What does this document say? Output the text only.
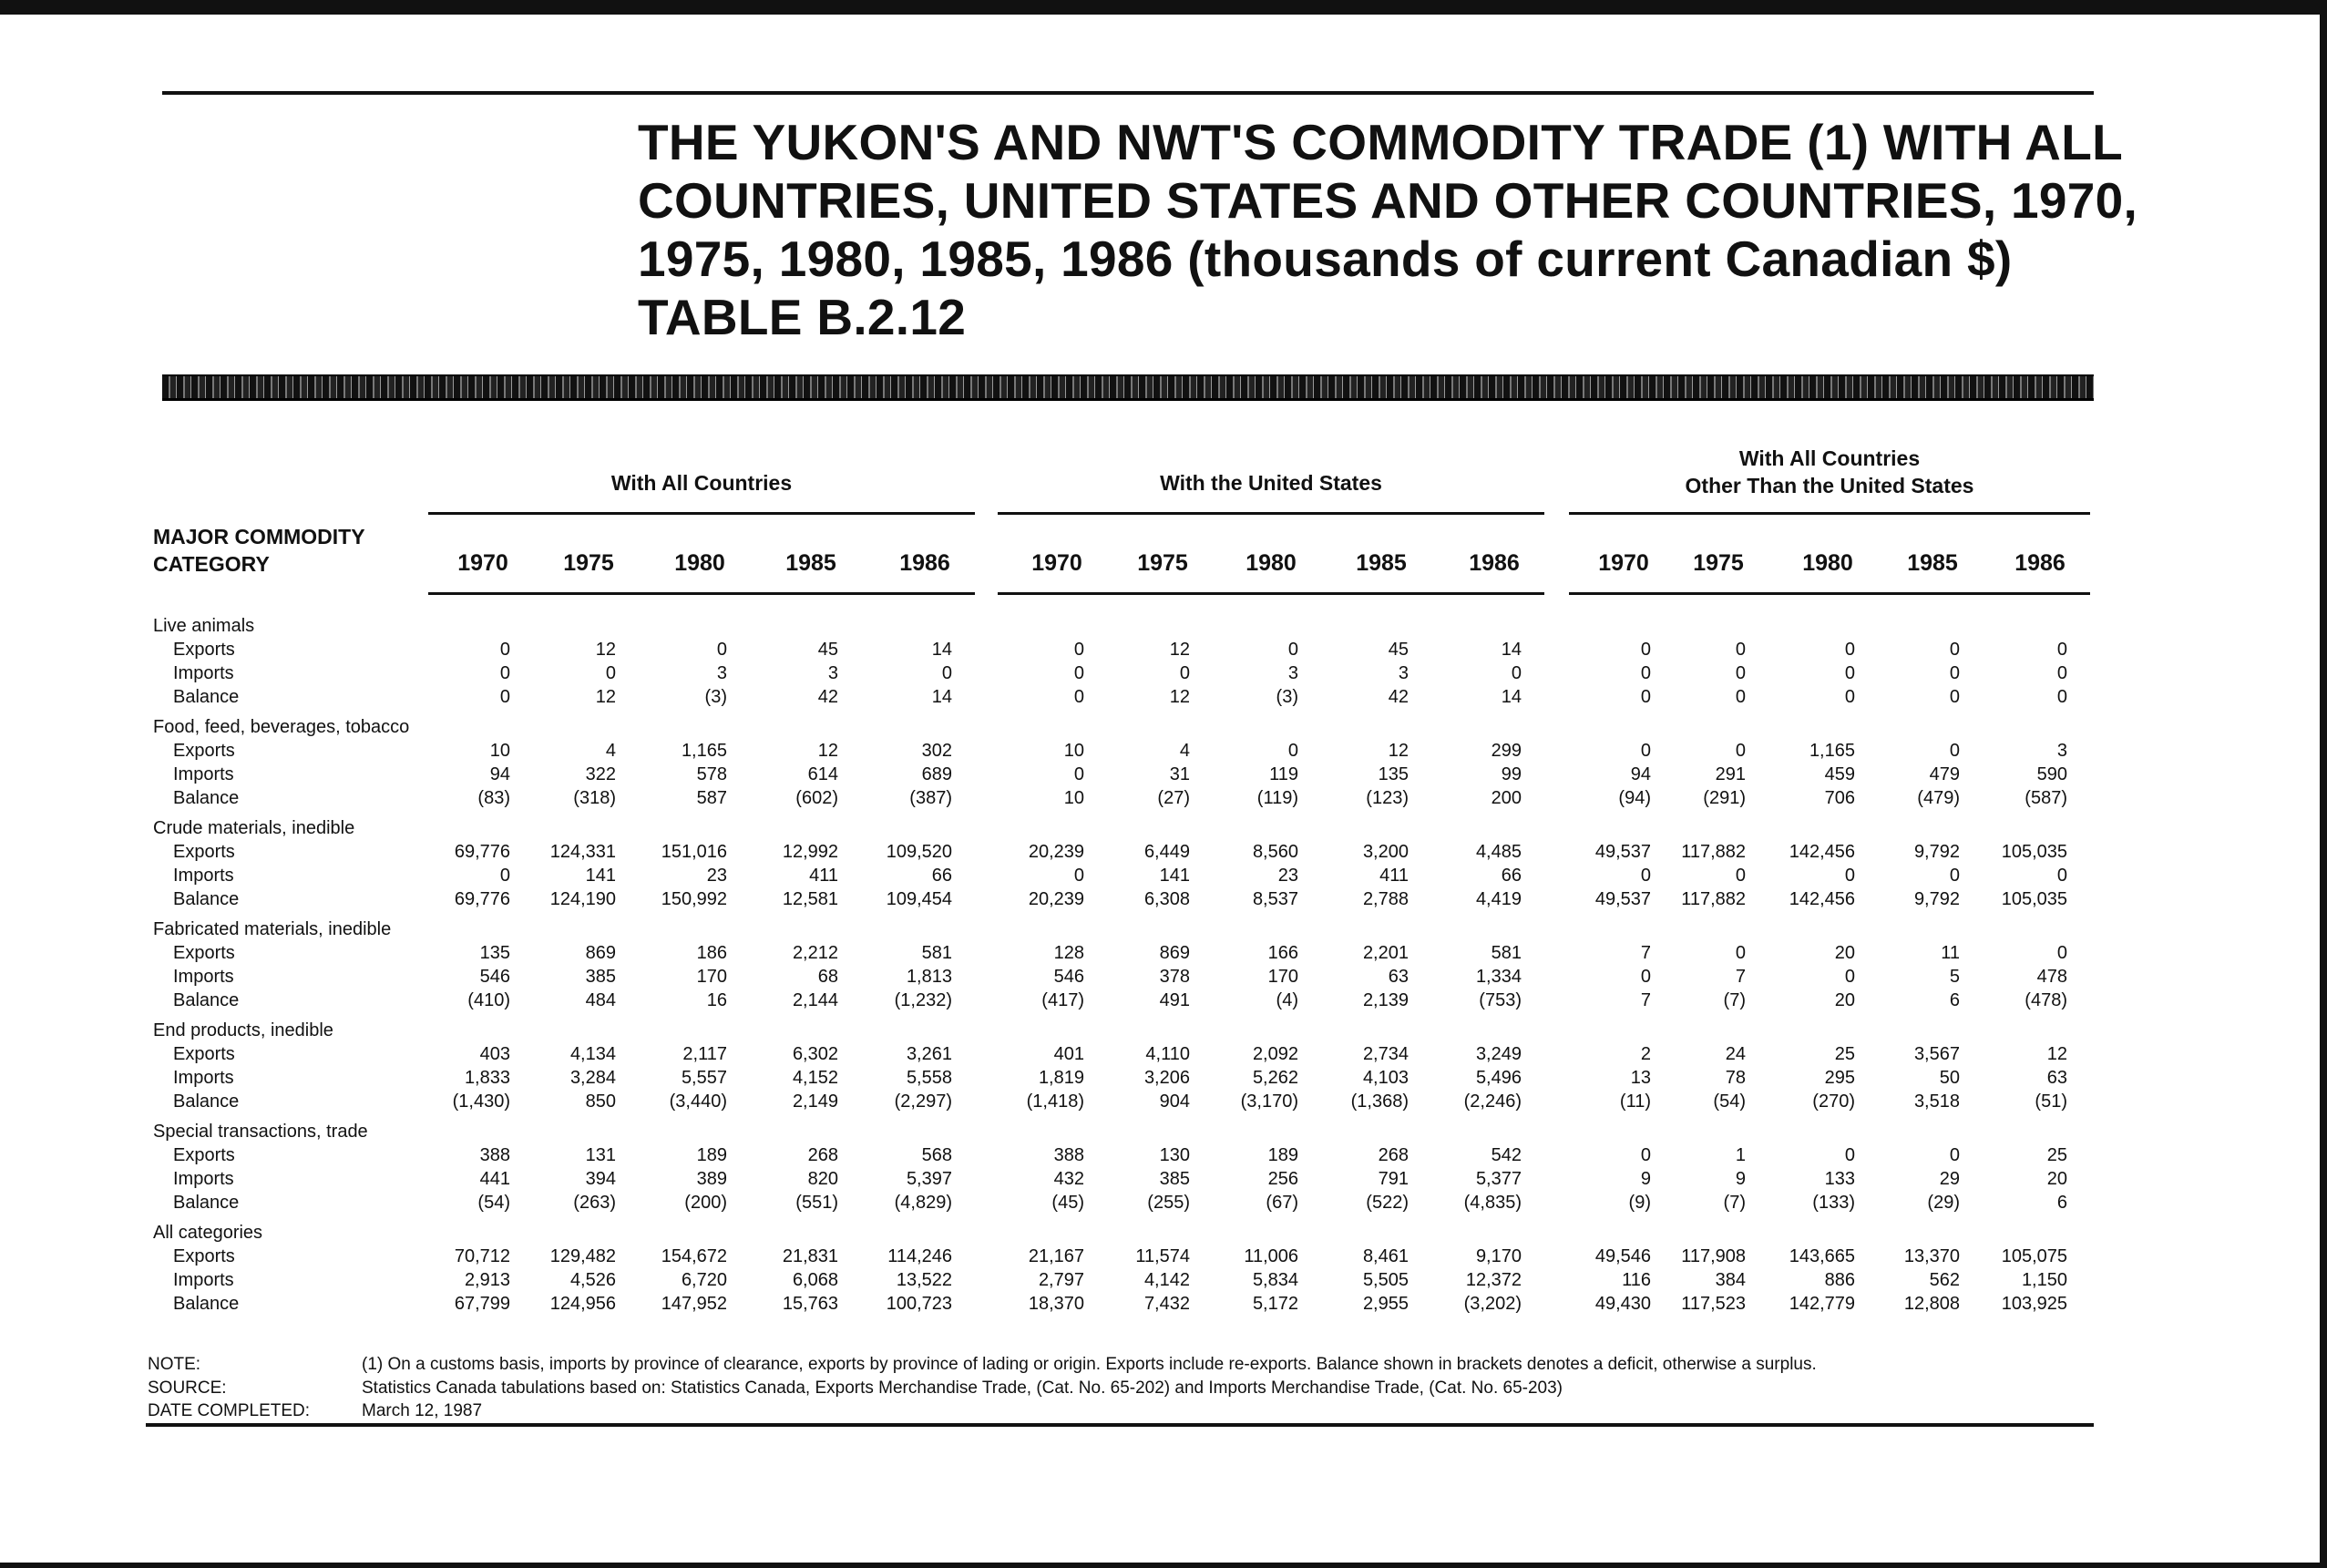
THE YUKON'S AND NWT'S COMMODITY TRADE (1) WITH ALL
COUNTRIES, UNITED STATES AND OTHER COUNTRIES, 1970,
1975, 1980, 1985, 1986 (thousands of current Canadian $)
TABLE B.2.12
MAJOR COMMODITY
CATEGORY
With All Countries
1970	1975	1980	1985	1986
With the United States
1970	1975	1980	1985	1986
With All Countries
Other Than the United States
1970	1975	1980	1985	1986
Live animals
Exports	0	12	0	45	14	0	12	0	45	14	0	0	0	0	0
Imports	0	0	3	3	0	0	0	3	3	0	0	0	0	0	0
Balance	0	12	(3)	42	14	0	12	(3)	42	14	0	0	0	0	0
Food, feed, beverages, tobacco
Exports	10	4	1,165	12	302	10	4	0	12	299	0	0	1,165	0	3
Imports	94	322	578	614	689	0	31	119	135	99	94	291	459	479	590
Balance	(83)	(318)	587	(602)	(387)	10	(27)	(119)	(123)	200	(94)	(291)	706	(479)	(587)
Crude materials, inedible
Exports	69,776	124,331	151,016	12,992	109,520	20,239	6,449	8,560	3,200	4,485	49,537	117,882	142,456	9,792	105,035
Imports	0	141	23	411	66	0	141	23	411	66	0	0	0	0	0
Balance	69,776	124,190	150,992	12,581	109,454	20,239	6,308	8,537	2,788	4,419	49,537	117,882	142,456	9,792	105,035
Fabricated materials, inedible
Exports	135	869	186	2,212	581	128	869	166	2,201	581	7	0	20	11	0
Imports	546	385	170	68	1,813	546	378	170	63	1,334	0	7	0	5	478
Balance	(410)	484	16	2,144	(1,232)	(417)	491	(4)	2,139	(753)	7	(7)	20	6	(478)
End products, inedible
Exports	403	4,134	2,117	6,302	3,261	401	4,110	2,092	2,734	3,249	2	24	25	3,567	12
Imports	1,833	3,284	5,557	4,152	5,558	1,819	3,206	5,262	4,103	5,496	13	78	295	50	63
Balance	(1,430)	850	(3,440)	2,149	(2,297)	(1,418)	904	(3,170)	(1,368)	(2,246)	(11)	(54)	(270)	3,518	(51)
Special transactions, trade
Exports	388	131	189	268	568	388	130	189	268	542	0	1	0	0	25
Imports	441	394	389	820	5,397	432	385	256	791	5,377	9	9	133	29	20
Balance	(54)	(263)	(200)	(551)	(4,829)	(45)	(255)	(67)	(522)	(4,835)	(9)	(7)	(133)	(29)	6
All categories
Exports	70,712	129,482	154,672	21,831	114,246	21,167	11,574	11,006	8,461	9,170	49,546	117,908	143,665	13,370	105,075
Imports	2,913	4,526	6,720	6,068	13,522	2,797	4,142	5,834	5,505	12,372	116	384	886	562	1,150
Balance	67,799	124,956	147,952	15,763	100,723	18,370	7,432	5,172	2,955	(3,202)	49,430	117,523	142,779	12,808	103,925
NOTE:	(1) On a customs basis, imports by province of clearance, exports by province of lading or origin. Exports include re-exports. Balance shown in brackets denotes a deficit, otherwise a surplus.
SOURCE:	Statistics Canada tabulations based on: Statistics Canada, Exports Merchandise Trade, (Cat. No. 65-202) and Imports Merchandise Trade, (Cat. No. 65-203)
DATE COMPLETED:	March 12, 1987
